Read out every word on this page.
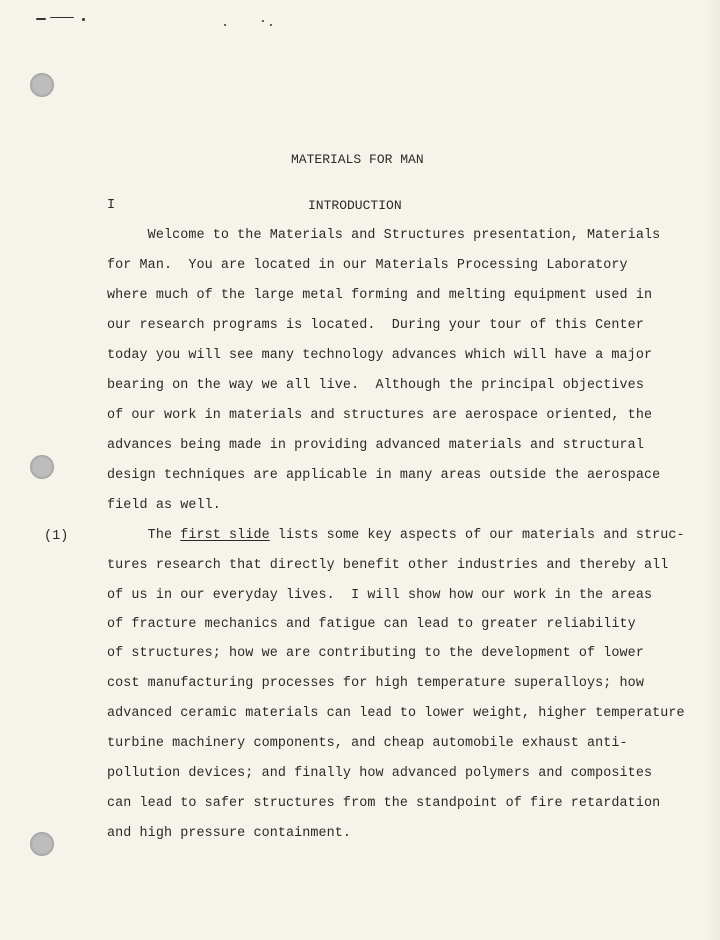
MATERIALS FOR MAN
I	INTRODUCTION
Welcome to the Materials and Structures presentation, Materials
for Man.  You are located in our Materials Processing Laboratory
where much of the large metal forming and melting equipment used in
our research programs is located.  During your tour of this Center
today you will see many technology advances which will have a major
bearing on the way we all live.  Although the principal objectives
of our work in materials and structures are aerospace oriented, the
advances being made in providing advanced materials and structural
design techniques are applicable in many areas outside the aerospace
field as well.
(1)	The first slide lists some key aspects of our materials and struc-
tures research that directly benefit other industries and thereby all
of us in our everyday lives.  I will show how our work in the areas
of fracture mechanics and fatigue can lead to greater reliability
of structures; how we are contributing to the development of lower
cost manufacturing processes for high temperature superalloys; how
advanced ceramic materials can lead to lower weight, higher temperature
turbine machinery components, and cheap automobile exhaust anti-
pollution devices; and finally how advanced polymers and composites
can lead to safer structures from the standpoint of fire retardation
and high pressure containment.
